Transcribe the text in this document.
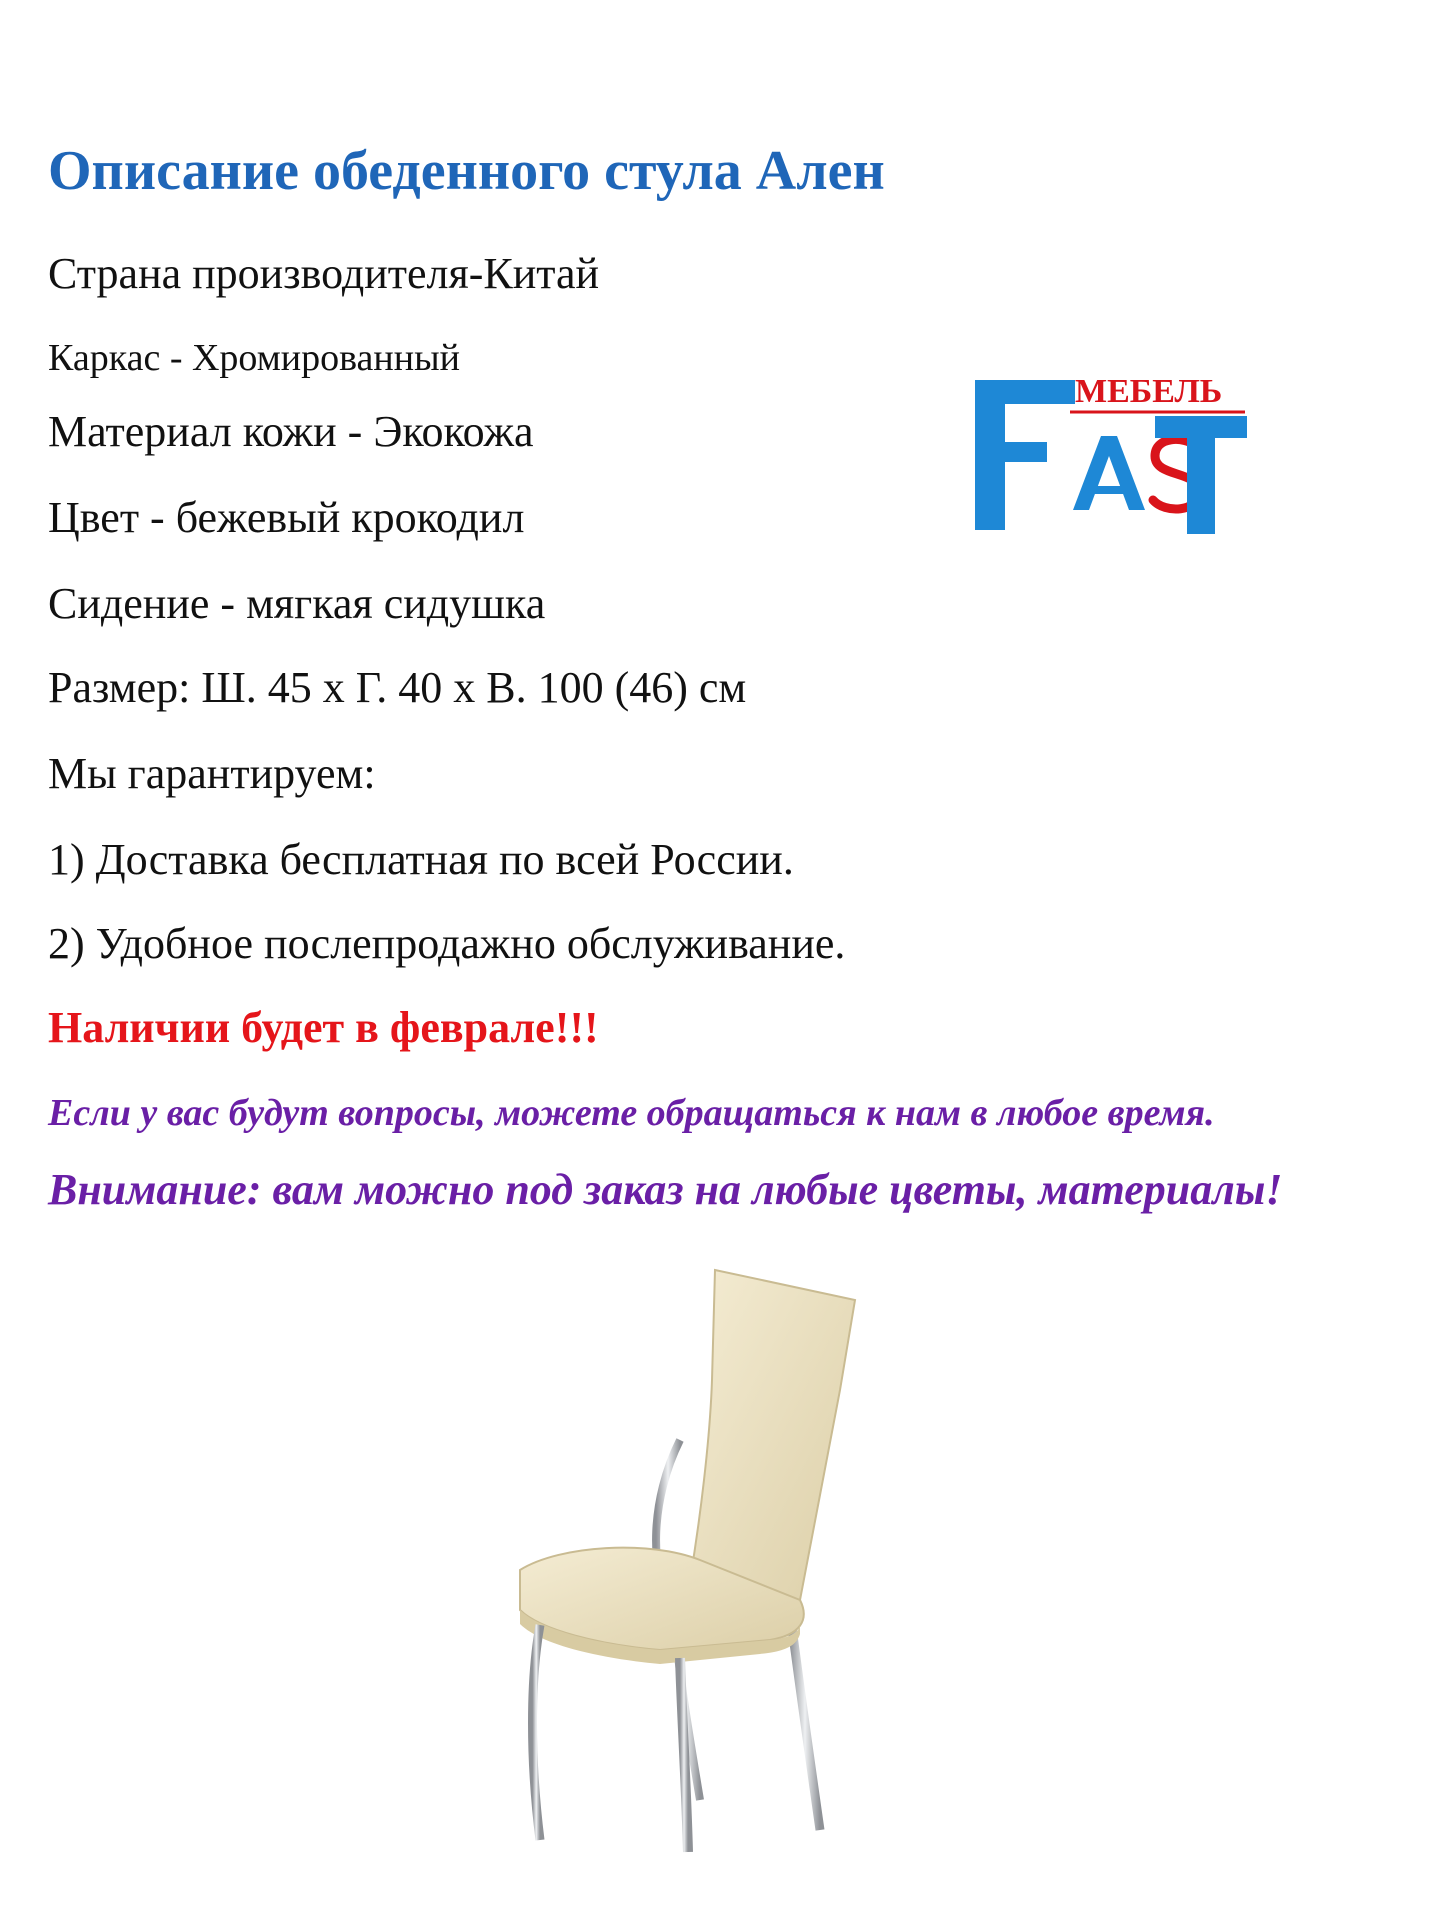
Описание обеденного стула Ален

Страна производителя-Китай

Каркас - Хромированный

Материал кожи - Экокожа

Цвет - бежевый крокодил

Сидение - мягкая сидушка

Размер: Ш. 45 х Г. 40 х В. 100 (46) см

Мы гарантируем:

1) Доставка бесплатная по всей России.

2) Удобное послепродажно обслуживание.

Наличии будет в феврале!!!

Если у вас будут вопросы, можете обращаться к нам в любое время.

Внимание: вам можно под заказ на любые цветы, материалы!

МЕБЕЛЬ
